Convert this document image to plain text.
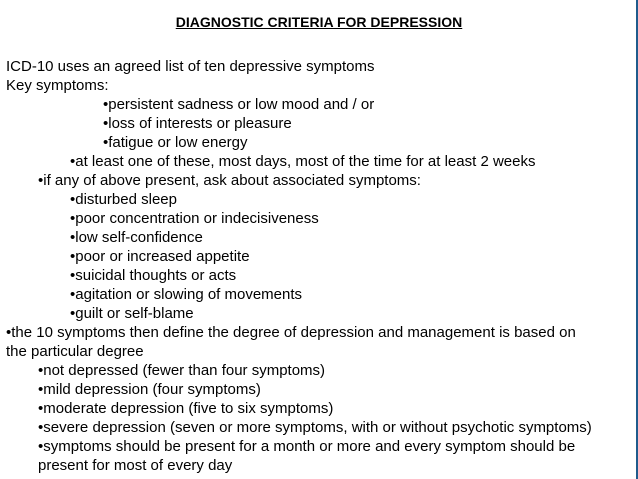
DIAGNOSTIC CRITERIA FOR DEPRESSION
ICD-10 uses an agreed list of ten depressive symptoms
Key symptoms:
•persistent sadness or low mood and / or
•loss of interests or pleasure
•fatigue or low energy
•at least one of these, most days, most of the time for at least 2 weeks
•if any of above present, ask about associated symptoms:
•disturbed sleep
•poor concentration or indecisiveness
•low self-confidence
•poor or increased appetite
•suicidal thoughts or acts
•agitation or slowing of movements
•guilt or self-blame
•the 10 symptoms then define the degree of depression and management is based on
the particular degree
•not depressed (fewer than four symptoms)
•mild depression (four symptoms)
•moderate depression (five to six symptoms)
•severe depression (seven or more symptoms, with or without psychotic symptoms)
•symptoms should be present for a month or more and every symptom should be
present for most of every day
